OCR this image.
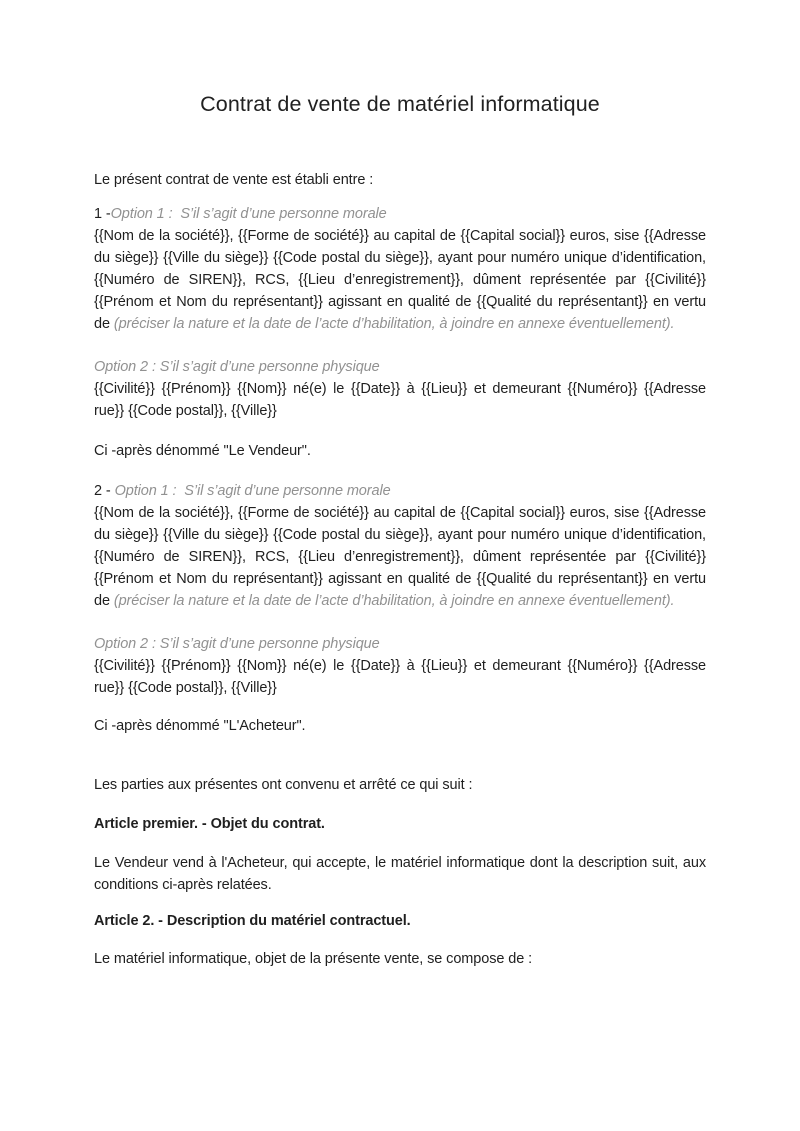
Contrat de vente de matériel informatique

Le présent contrat de vente est établi entre :

1 -Option 1 :  S’il s’agit d’une personne morale

{{Nom de la société}}, {{Forme de société}} au capital de {{Capital social}} euros, sise {{Adresse du siège}} {{Ville du siège}} {{Code postal du siège}}, ayant pour numéro unique d’identification, {{Numéro de SIREN}}, RCS, {{Lieu d’enregistrement}}, dûment représentée par {{Civilité}} {{Prénom et Nom du représentant}} agissant en qualité de {{Qualité du représentant}} en vertu de (préciser la nature et la date de l’acte d’habilitation, à joindre en annexe éventuellement).

Option 2 : S’il s’agit d’une personne physique

{{Civilité}} {{Prénom}} {{Nom}} né(e) le {{Date}} à {{Lieu}} et demeurant {{Numéro}} {{Adresse rue}} {{Code postal}}, {{Ville}}

Ci -après dénommé "Le Vendeur".

2 - Option 1 :  S’il s’agit d’une personne morale

{{Nom de la société}}, {{Forme de société}} au capital de {{Capital social}} euros, sise {{Adresse du siège}} {{Ville du siège}} {{Code postal du siège}}, ayant pour numéro unique d’identification, {{Numéro de SIREN}}, RCS, {{Lieu d’enregistrement}}, dûment représentée par {{Civilité}} {{Prénom et Nom du représentant}} agissant en qualité de {{Qualité du représentant}} en vertu de (préciser la nature et la date de l’acte d’habilitation, à joindre en annexe éventuellement).

Option 2 : S’il s’agit d’une personne physique

{{Civilité}} {{Prénom}} {{Nom}} né(e) le {{Date}} à {{Lieu}} et demeurant {{Numéro}} {{Adresse rue}} {{Code postal}}, {{Ville}}

Ci -après dénommé "L'Acheteur".

Les parties aux présentes ont convenu et arrêté ce qui suit :

Article premier. - Objet du contrat.

Le Vendeur vend à l'Acheteur, qui accepte, le matériel informatique dont la description suit, aux conditions ci-après relatées.

Article 2. - Description du matériel contractuel.

Le matériel informatique, objet de la présente vente, se compose de :
